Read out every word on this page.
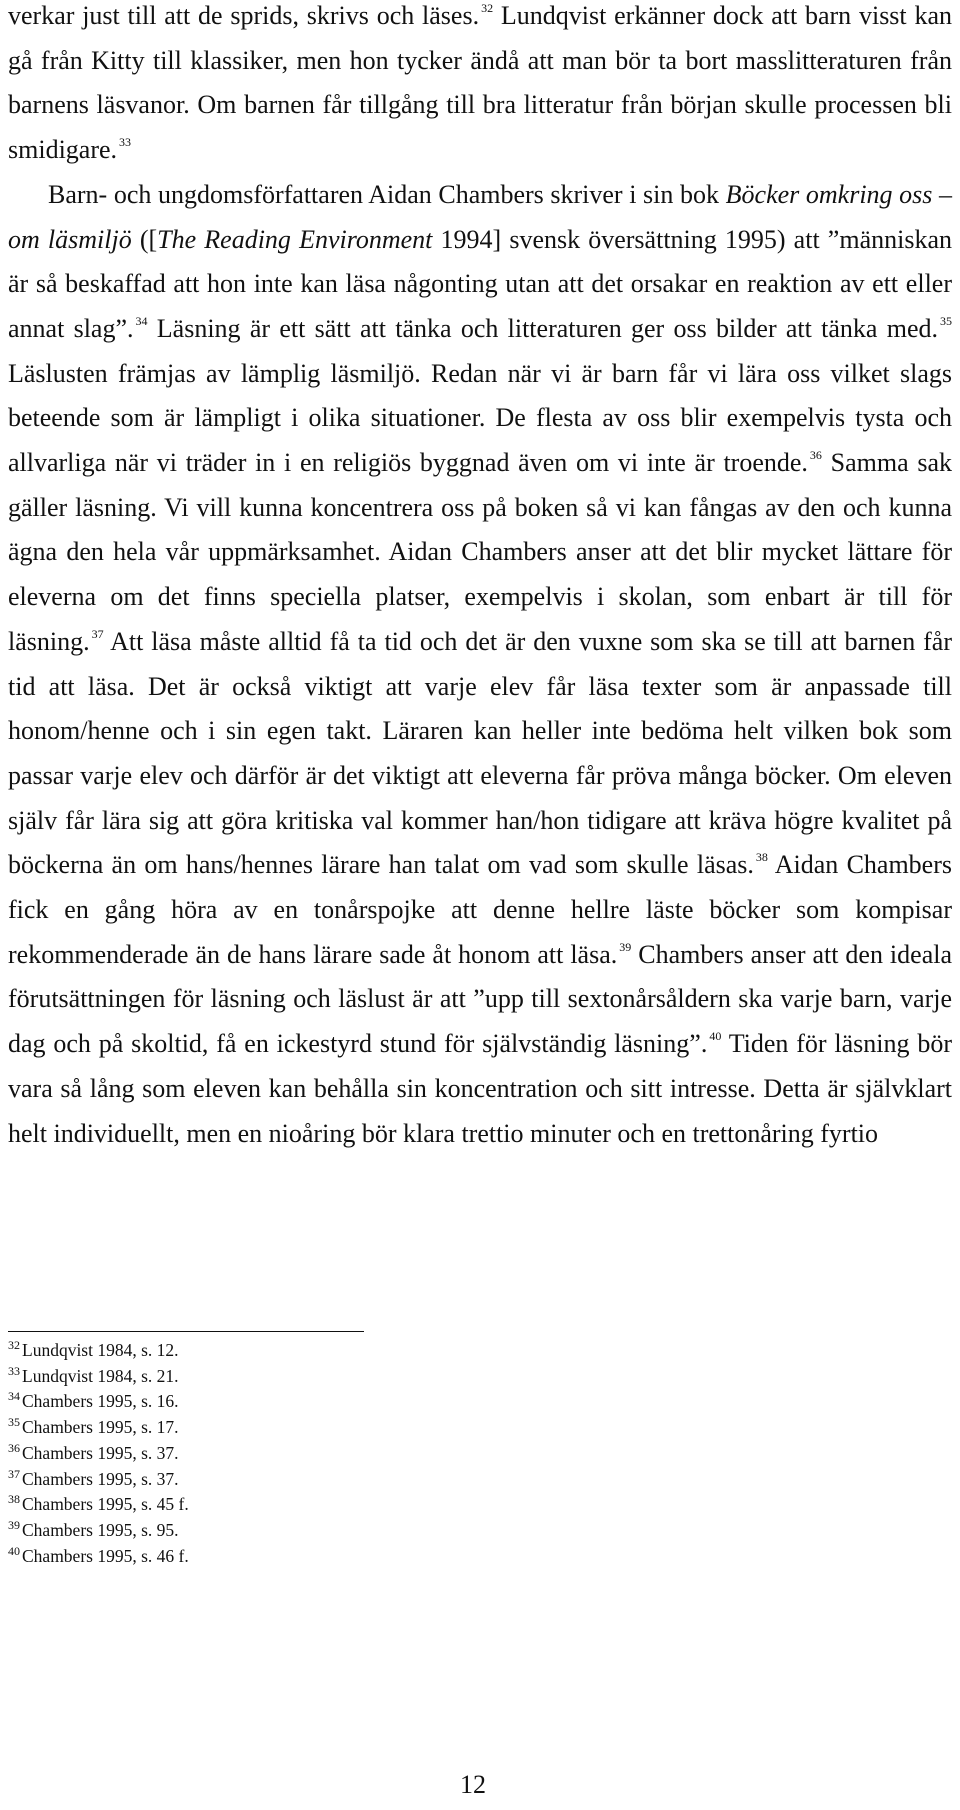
verkar just till att de sprids, skrivs och läses. $^{32}$ Lundqvist erkänner dock att barn visst kan gå från Kitty till klassiker, men hon tycker ändå att man bör ta bort masslitteraturen från barnens läsvanor. Om barnen får tillgång till bra litteratur från början skulle processen bli smidigare. $^{33}$

Barn- och ungdomsförfattaren Aidan Chambers skriver i sin bok Böcker omkring oss – om läsmiljö ([The Reading Environment 1994] svensk översättning 1995) att ”människan är så beskaffad att hon inte kan läsa någonting utan att det orsakar en reaktion av ett eller annat slag”. $^{34}$ Läsning är ett sätt att tänka och litteraturen ger oss bilder att tänka med. $^{35}$ Läslusten främjas av lämplig läsmiljö. Redan när vi är barn får vi lära oss vilket slags beteende som är lämpligt i olika situationer. De flesta av oss blir exempelvis tysta och allvarliga när vi träder in i en religiös byggnad även om vi inte är troende. $^{36}$ Samma sak gäller läsning. Vi vill kunna koncentrera oss på boken så vi kan fångas av den och kunna ägna den hela vår uppmärksamhet. Aidan Chambers anser att det blir mycket lättare för eleverna om det finns speciella platser, exempelvis i skolan, som enbart är till för läsning. $^{37}$ Att läsa måste alltid få ta tid och det är den vuxne som ska se till att barnen får tid att läsa. Det är också viktigt att varje elev får läsa texter som är anpassade till honom/henne och i sin egen takt. Läraren kan heller inte bedöma helt vilken bok som passar varje elev och därför är det viktigt att eleverna får pröva många böcker. Om eleven själv får lära sig att göra kritiska val kommer han/hon tidigare att kräva högre kvalitet på böckerna än om hans/hennes lärare han talat om vad som skulle läsas. $^{38}$ Aidan Chambers fick en gång höra av en tonårspojke att denne hellre läste böcker som kompisar rekommenderade än de hans lärare sade åt honom att läsa. $^{39}$ Chambers anser att den ideala förutsättningen för läsning och läslust är att ”upp till sextonårsåldern ska varje barn, varje dag och på skoltid, få en ickestyrd stund för självständig läsning”. $^{40}$ Tiden för läsning bör vara så lång som eleven kan behålla sin koncentration och sitt intresse. Detta är självklart helt individuellt, men en nioåring bör klara trettio minuter och en trettonåring fyrtio

$^{32}$ Lundqvist 1984, s. 12.
$^{33}$ Lundqvist 1984, s. 21.
$^{34}$ Chambers 1995, s. 16.
$^{35}$ Chambers 1995, s. 17.
$^{36}$ Chambers 1995, s. 37.
$^{37}$ Chambers 1995, s. 37.
$^{38}$ Chambers 1995, s. 45 f.
$^{39}$ Chambers 1995, s. 95.
$^{40}$ Chambers 1995, s. 46 f.
12
